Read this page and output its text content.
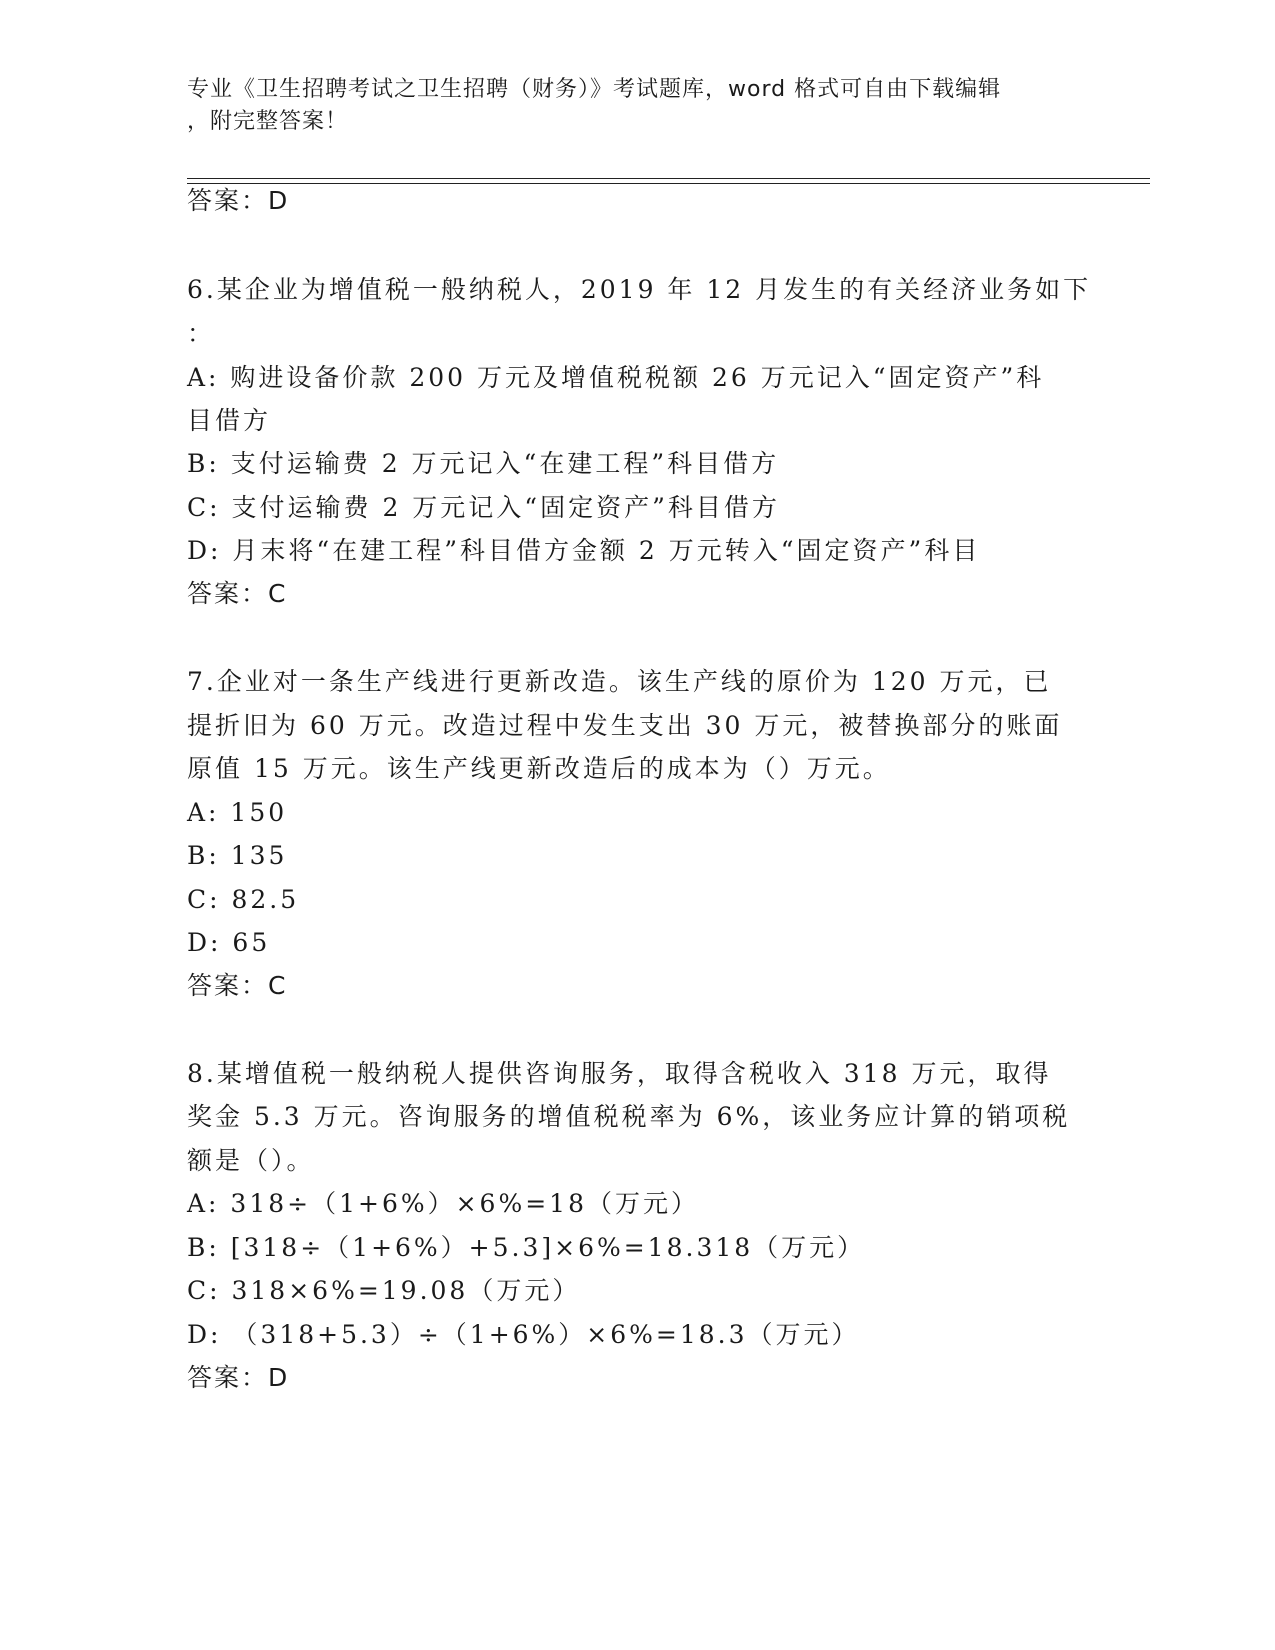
专业《卫生招聘考试之卫生招聘（财务）》考试题库，word 格式可自由下载编辑
，附完整答案！
答案：D
6.某企业为增值税一般纳税人，2019 年 12 月发生的有关经济业务如下
：
A: 购进设备价款 200 万元及增值税税额 26 万元记入“固定资产”科
目借方
B: 支付运输费 2 万元记入“在建工程”科目借方
C: 支付运输费 2 万元记入“固定资产”科目借方
D: 月末将“在建工程”科目借方金额 2 万元转入“固定资产”科目
答案：C
7.企业对一条生产线进行更新改造。该生产线的原价为 120 万元，已
提折旧为 60 万元。改造过程中发生支出 30 万元，被替换部分的账面
原值 15 万元。该生产线更新改造后的成本为（）万元。
A: 150
B: 135
C: 82.5
D: 65
答案：C
8.某增值税一般纳税人提供咨询服务，取得含税收入 318 万元，取得
奖金 5.3 万元。咨询服务的增值税税率为 6%，该业务应计算的销项税
额是（）。
A: 318÷（1+6%）×6%=18（万元）
B: [318÷（1+6%）+5.3]×6%=18.318（万元）
C: 318×6%=19.08（万元）
D: （318+5.3）÷（1+6%）×6%=18.3（万元）
答案：D
